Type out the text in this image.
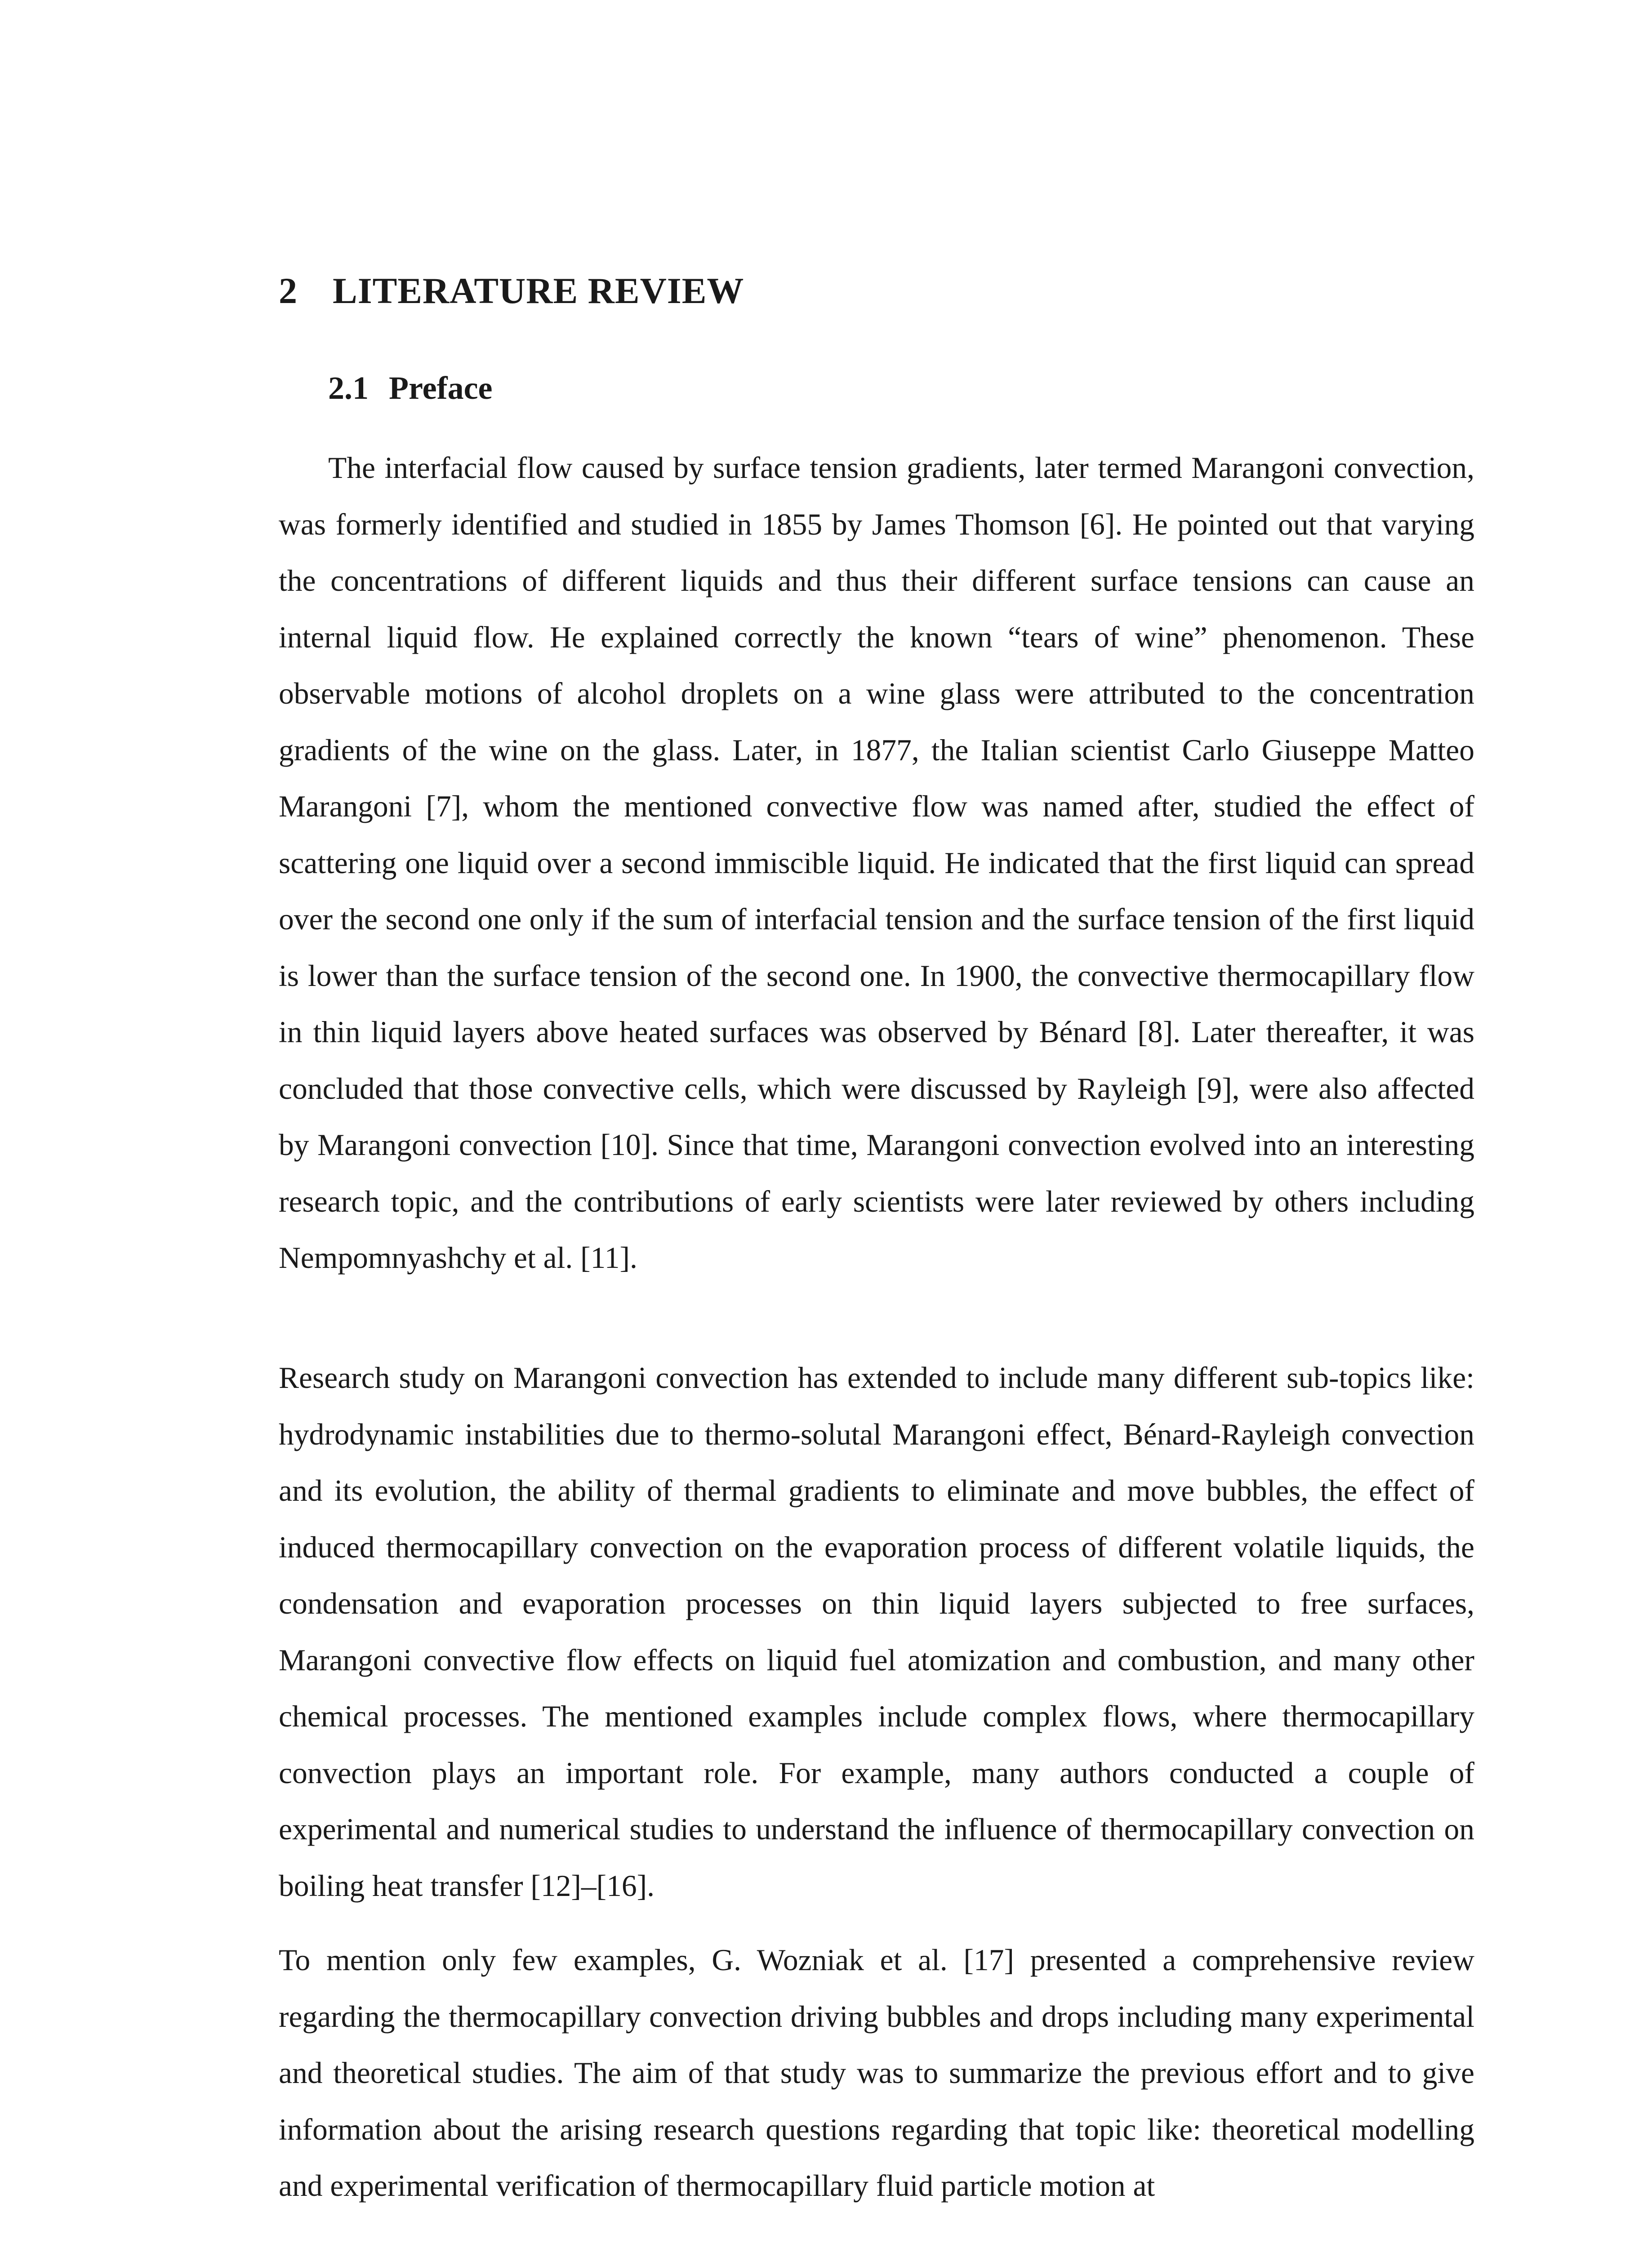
2 LITERATURE REVIEW
2.1 Preface

The interfacial flow caused by surface tension gradients, later termed Marangoni convection, was formerly identified and studied in 1855 by James Thomson [6]. He pointed out that varying the concentrations of different liquids and thus their different surface tensions can cause an internal liquid flow. He explained correctly the known “tears of wine” phenomenon. These observable motions of alcohol droplets on a wine glass were attributed to the concentration gradients of the wine on the glass. Later, in 1877, the Italian scientist Carlo Giuseppe Matteo Marangoni [7], whom the mentioned convective flow was named after, studied the effect of scattering one liquid over a second immiscible liquid. He indicated that the first liquid can spread over the second one only if the sum of interfacial tension and the surface tension of the first liquid is lower than the surface tension of the second one. In 1900, the convective thermocapillary flow in thin liquid layers above heated surfaces was observed by Bénard [8]. Later thereafter, it was concluded that those convective cells, which were discussed by Rayleigh [9], were also affected by Marangoni convection [10]. Since that time, Marangoni convection evolved into an interesting research topic, and the contributions of early scientists were later reviewed by others including Nempomnyashchy et al. [11].

Research study on Marangoni convection has extended to include many different sub-topics like: hydrodynamic instabilities due to thermo-solutal Marangoni effect, Bénard-Rayleigh convection and its evolution, the ability of thermal gradients to eliminate and move bubbles, the effect of induced thermocapillary convection on the evaporation process of different volatile liquids, the condensation and evaporation processes on thin liquid layers subjected to free surfaces, Marangoni convective flow effects on liquid fuel atomization and combustion, and many other chemical processes. The mentioned examples include complex flows, where thermocapillary convection plays an important role. For example, many authors conducted a couple of experimental and numerical studies to understand the influence of thermocapillary convection on boiling heat transfer [12]–[16].

To mention only few examples, G. Wozniak et al. [17] presented a comprehensive review regarding the thermocapillary convection driving bubbles and drops including many experimental and theoretical studies. The aim of that study was to summarize the previous effort and to give information about the arising research questions regarding that topic like: theoretical modelling and experimental verification of thermocapillary fluid particle motion at
